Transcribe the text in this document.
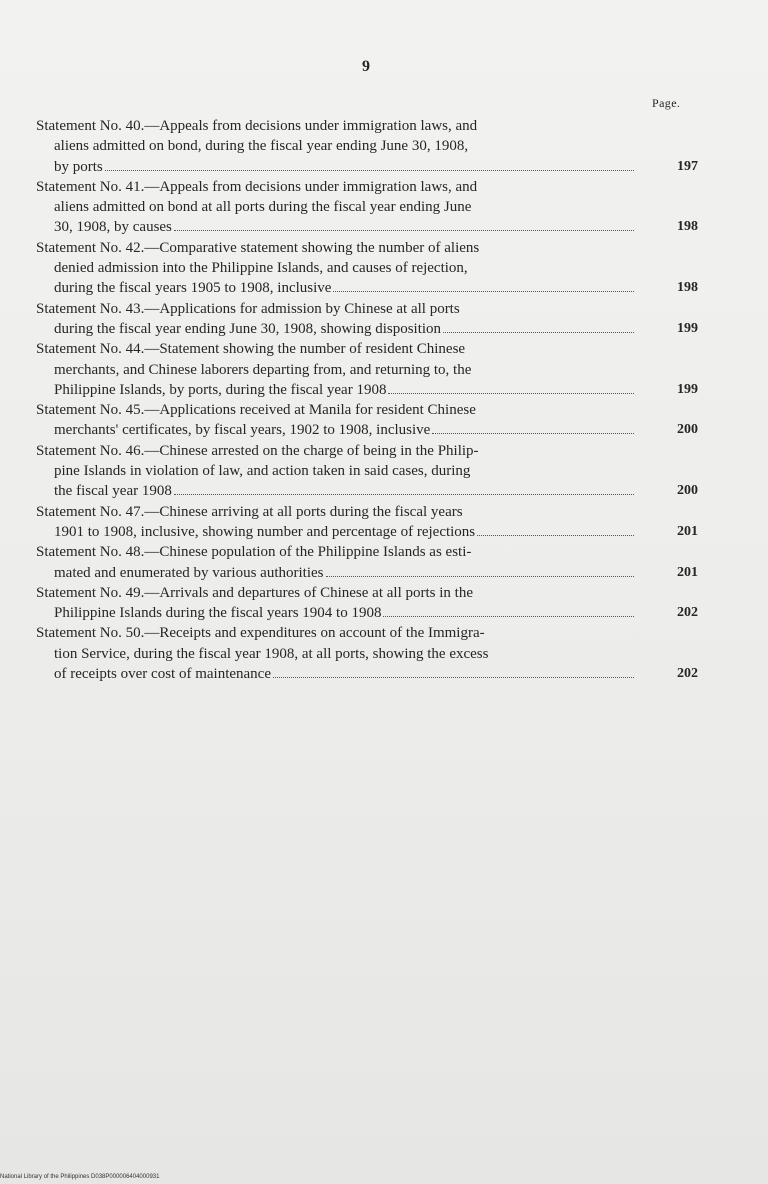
9
Page.
Statement No. 40.—Appeals from decisions under immigration laws, and
aliens admitted on bond, during the fiscal year ending June 30, 1908,
by ports	197
Statement No. 41.—Appeals from decisions under immigration laws, and
aliens admitted on bond at all ports during the fiscal year ending June
30, 1908, by causes	198
Statement No. 42.—Comparative statement showing the number of aliens
denied admission into the Philippine Islands, and causes of rejection,
during the fiscal years 1905 to 1908, inclusive	198
Statement No. 43.—Applications for admission by Chinese at all ports
during the fiscal year ending June 30, 1908, showing disposition	199
Statement No. 44.—Statement showing the number of resident Chinese
merchants, and Chinese laborers departing from, and returning to, the
Philippine Islands, by ports, during the fiscal year 1908	199
Statement No. 45.—Applications received at Manila for resident Chinese
merchants' certificates, by fiscal years, 1902 to 1908, inclusive	200
Statement No. 46.—Chinese arrested on the charge of being in the Philip-
pine Islands in violation of law, and action taken in said cases, during
the fiscal year 1908	200
Statement No. 47.—Chinese arriving at all ports during the fiscal years
1901 to 1908, inclusive, showing number and percentage of rejections	201
Statement No. 48.—Chinese population of the Philippine Islands as esti-
mated and enumerated by various authorities	201
Statement No. 49.—Arrivals and departures of Chinese at all ports in the
Philippine Islands during the fiscal years 1904 to 1908	202
Statement No. 50.—Receipts and expenditures on account of the Immigra-
tion Service, during the fiscal year 1908, at all ports, showing the excess
of receipts over cost of maintenance	202
National Library of the Philippines D038P000006404000931
